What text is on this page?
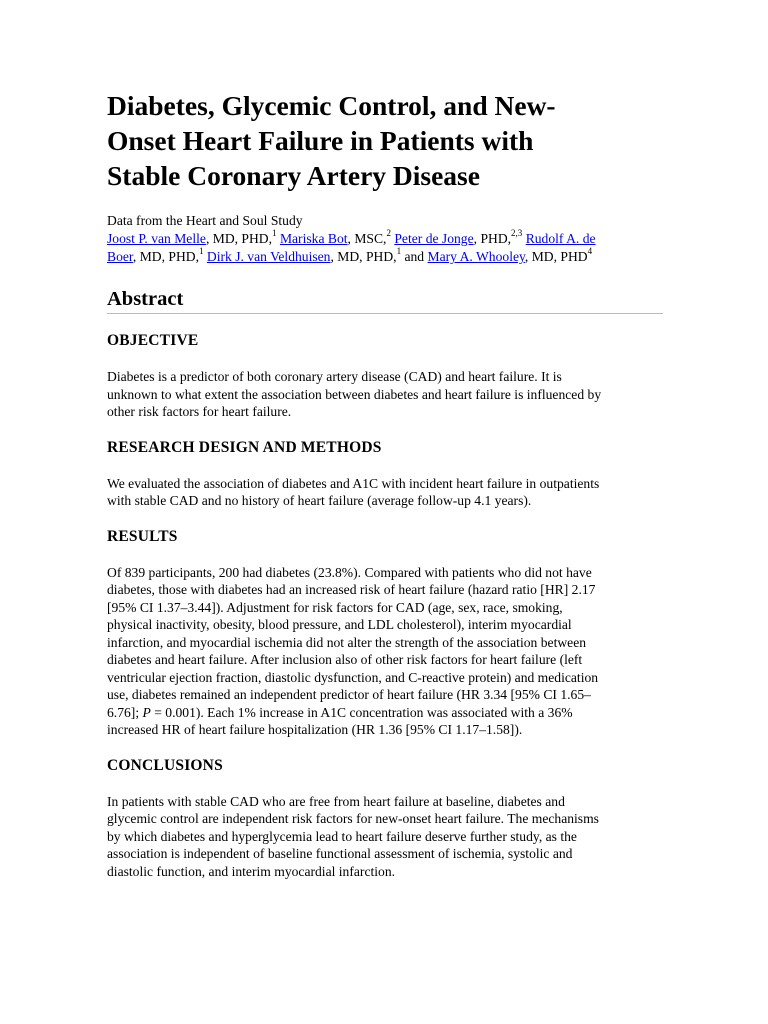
Diabetes, Glycemic Control, and New-
Onset Heart Failure in Patients with
Stable Coronary Artery Disease
Data from the Heart and Soul Study
Joost P. van Melle, MD, PHD,$^1$ Mariska Bot, MSC,$^2$ Peter de Jonge, PHD,$^{2,3}$ Rudolf A. de
Boer, MD, PHD,$^1$ Dirk J. van Veldhuisen, MD, PHD,$^1$ and Mary A. Whooley, MD, PHD$^4$
Abstract
OBJECTIVE
Diabetes is a predictor of both coronary artery disease (CAD) and heart failure. It is
unknown to what extent the association between diabetes and heart failure is influenced by
other risk factors for heart failure.
RESEARCH DESIGN AND METHODS
We evaluated the association of diabetes and A1C with incident heart failure in outpatients
with stable CAD and no history of heart failure (average follow-up 4.1 years).
RESULTS
Of 839 participants, 200 had diabetes (23.8%). Compared with patients who did not have
diabetes, those with diabetes had an increased risk of heart failure (hazard ratio [HR] 2.17
[95% CI 1.37–3.44]). Adjustment for risk factors for CAD (age, sex, race, smoking,
physical inactivity, obesity, blood pressure, and LDL cholesterol), interim myocardial
infarction, and myocardial ischemia did not alter the strength of the association between
diabetes and heart failure. After inclusion also of other risk factors for heart failure (left
ventricular ejection fraction, diastolic dysfunction, and C-reactive protein) and medication
use, diabetes remained an independent predictor of heart failure (HR 3.34 [95% CI 1.65–
6.76]; P = 0.001). Each 1% increase in A1C concentration was associated with a 36%
increased HR of heart failure hospitalization (HR 1.36 [95% CI 1.17–1.58]).
CONCLUSIONS
In patients with stable CAD who are free from heart failure at baseline, diabetes and
glycemic control are independent risk factors for new-onset heart failure. The mechanisms
by which diabetes and hyperglycemia lead to heart failure deserve further study, as the
association is independent of baseline functional assessment of ischemia, systolic and
diastolic function, and interim myocardial infarction.
